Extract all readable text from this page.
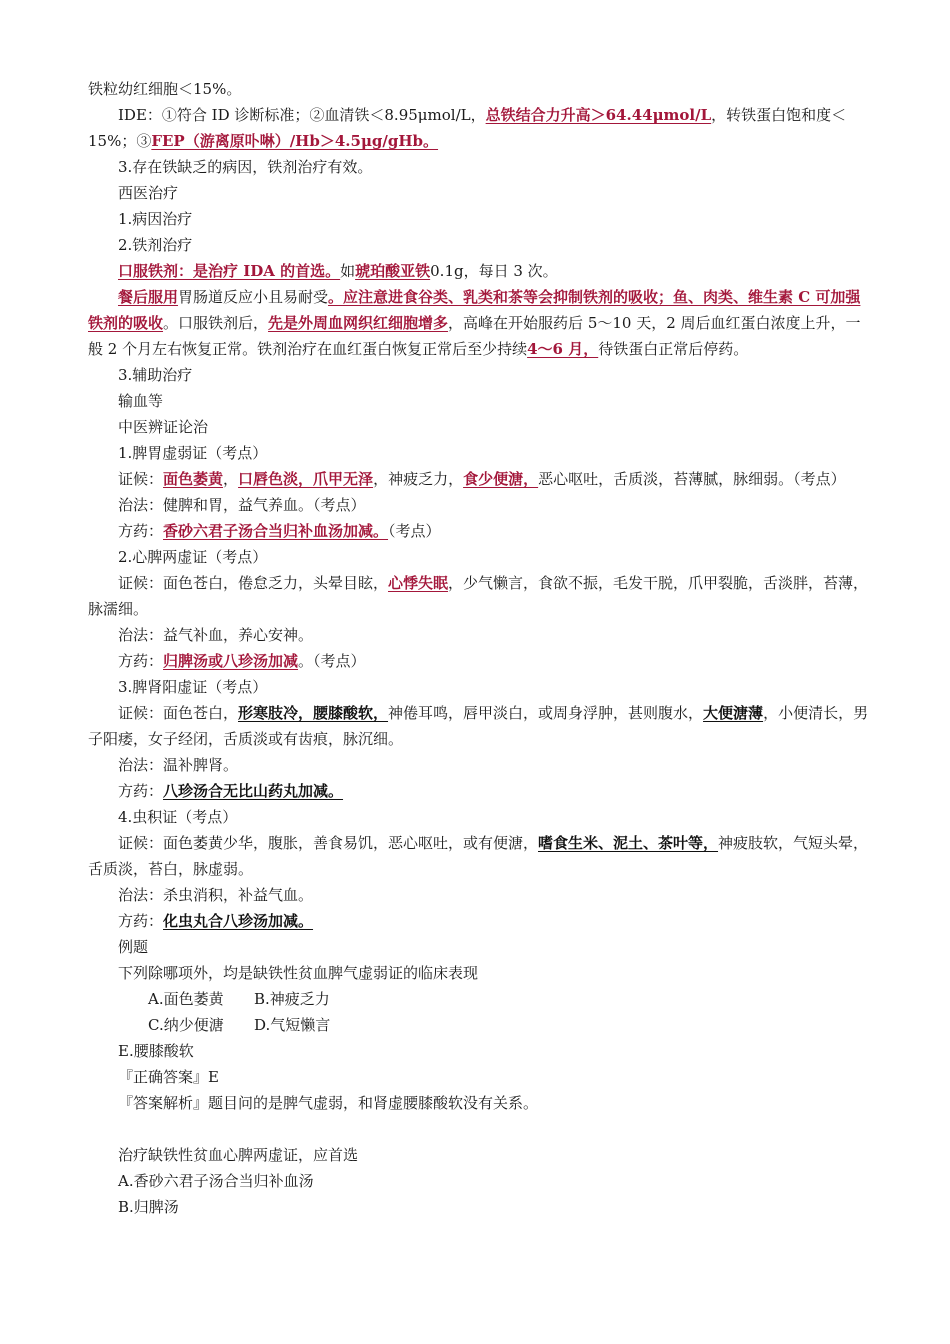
铁粒幼红细胞＜15%。
IDE：①符合 ID 诊断标准；②血清铁＜8.95μmol/L，总铁结合力升高＞64.44μmol/L，转铁蛋白饱和度＜15%；③FEP（游离原卟啉）/Hb＞4.5μg/gHb。
3.存在铁缺乏的病因，铁剂治疗有效。
西医治疗
1.病因治疗
2.铁剂治疗
口服铁剂：是治疗 IDA 的首选。如琥珀酸亚铁0.1g，每日 3 次。
餐后服用胃肠道反应小且易耐受。应注意进食谷类、乳类和茶等会抑制铁剂的吸收；鱼、肉类、维生素 C 可加强铁剂的吸收。口服铁剂后，先是外周血网织红细胞增多，高峰在开始服药后 5～10 天，2 周后血红蛋白浓度上升，一般 2 个月左右恢复正常。铁剂治疗在血红蛋白恢复正常后至少持续4～6 月，待铁蛋白正常后停药。
3.辅助治疗
输血等
中医辨证论治
1.脾胃虚弱证（考点）
证候：面色萎黄，口唇色淡，爪甲无泽，神疲乏力，食少便溏，恶心呕吐，舌质淡，苔薄腻，脉细弱。（考点）
治法：健脾和胃，益气养血。（考点）
方药：香砂六君子汤合当归补血汤加减。（考点）
2.心脾两虚证（考点）
证候：面色苍白，倦怠乏力，头晕目眩，心悸失眠，少气懒言，食欲不振，毛发干脱，爪甲裂脆，舌淡胖，苔薄，脉濡细。
治法：益气补血，养心安神。
方药：归脾汤或八珍汤加减。（考点）
3.脾肾阳虚证（考点）
证候：面色苍白，形寒肢冷，腰膝酸软，神倦耳鸣，唇甲淡白，或周身浮肿，甚则腹水，大便溏薄，小便清长，男子阳痿，女子经闭，舌质淡或有齿痕，脉沉细。
治法：温补脾肾。
方药：八珍汤合无比山药丸加减。
4.虫积证（考点）
证候：面色萎黄少华，腹胀，善食易饥，恶心呕吐，或有便溏，嗜食生米、泥土、茶叶等，神疲肢软，气短头晕，舌质淡，苔白，脉虚弱。
治法：杀虫消积，补益气血。
方药：化虫丸合八珍汤加减。
例题
下列除哪项外，均是缺铁性贫血脾气虚弱证的临床表现
A.面色萎黄 B.神疲乏力
C.纳少便溏 D.气短懒言
E.腰膝酸软
『正确答案』E
『答案解析』题目问的是脾气虚弱，和肾虚腰膝酸软没有关系。
治疗缺铁性贫血心脾两虚证，应首选
A.香砂六君子汤合当归补血汤
B.归脾汤
